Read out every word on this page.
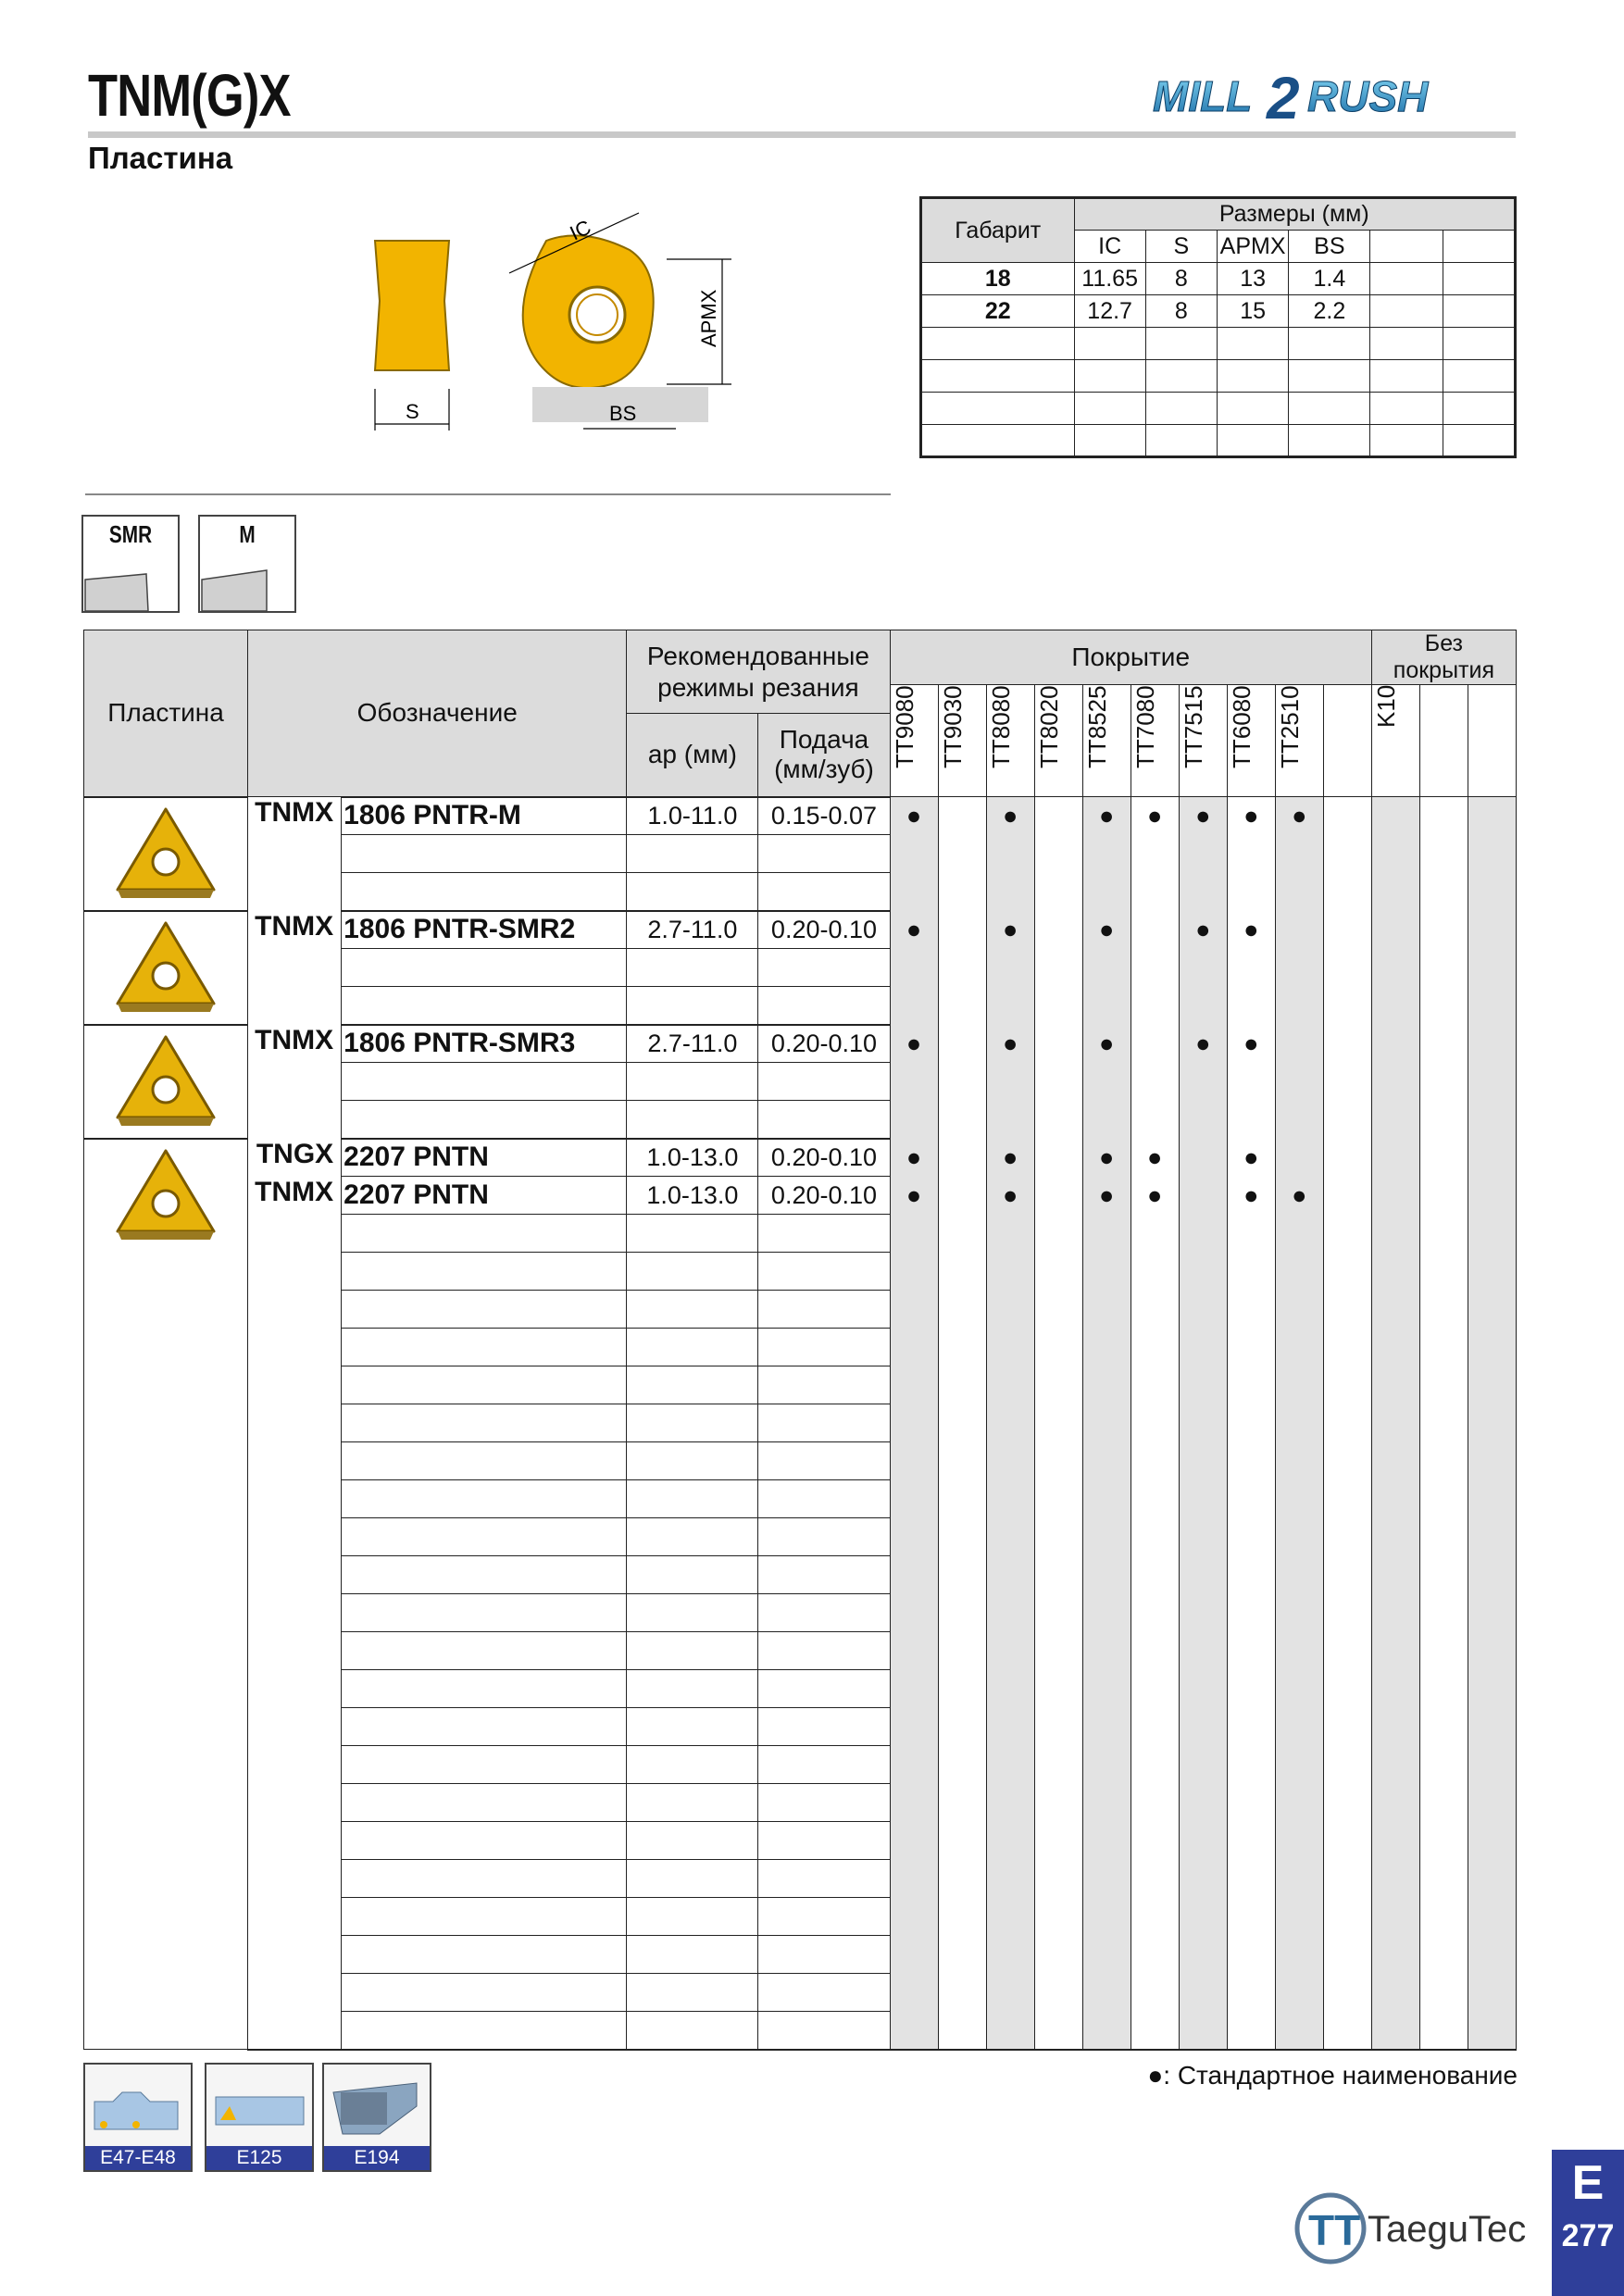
TNM(G)X
Пластина
MILL 2 RUSH
S
IC
APMX
BS
Габарит	Размеры (мм)					
	IC	S	APMX	BS		
18	11.65	8	13	1.4		
22	12.7	8	15	2.2		

SMR	M
Пластина	Обозначение		Рекомендованные режимы резания		Покрытие										Без покрытия		

					TT9080	TT9030	TT8080	TT8020	TT8525	TT7080	TT7515	TT6080	TT2510		K10		

			ap (мм)	Подача (мм/зуб)													
	TNMX	1806 PNTR-M	1.0-11.0	0.15-0.07	●		●		●	●	●	●	●				

	TNMX	1806 PNTR-SMR2	2.7-11.0	0.20-0.10	●		●		●		●	●					

	TNMX	1806 PNTR-SMR3	2.7-11.0	0.20-0.10	●		●		●		●	●					

	TNGX	2207 PNTN	1.0-13.0	0.20-0.10	●		●		●	●		●					
	TNMX	2207 PNTN	1.0-13.0	0.20-0.10	●		●		●	●		●	●				

●: Стандартное наименование
E47-E48	E125	E194
TT TaeguTec
E
277
